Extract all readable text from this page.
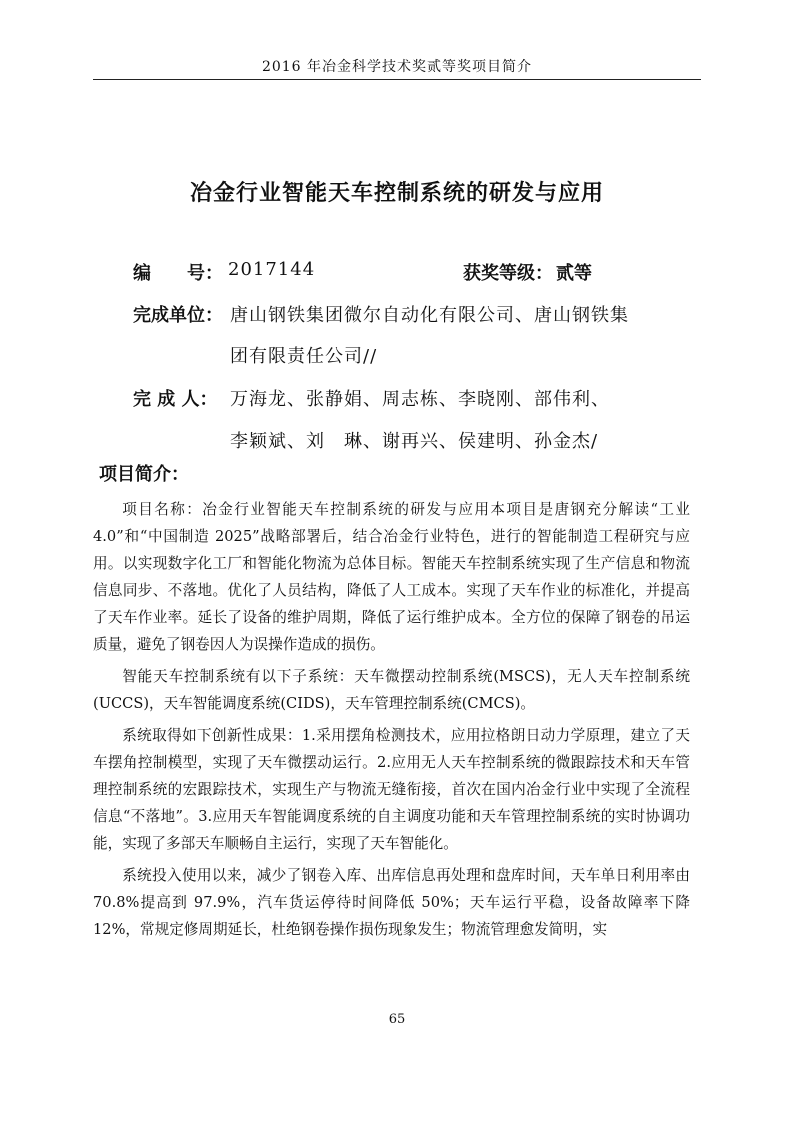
2016 年冶金科学技术奖贰等奖项目简介
冶金行业智能天车控制系统的研发与应用
编　　号： 2017144	获奖等级： 贰等
完成单位： 唐山钢铁集团微尔自动化有限公司、唐山钢铁集
团有限责任公司//
完 成 人： 万海龙、张静娟、周志栋、李晓刚、部伟利、
李颖斌、刘　琳、谢再兴、侯建明、孙金杰/
项目简介：

项目名称：冶金行业智能天车控制系统的研发与应用本项目是唐钢充分解读“工业 4.0”和“中国制造 2025”战略部署后，结合冶金行业特色，进行的智能制造工程研究与应用。以实现数字化工厂和智能化物流为总体目标。智能天车控制系统实现了生产信息和物流信息同步、不落地。优化了人员结构，降低了人工成本。实现了天车作业的标准化，并提高了天车作业率。延长了设备的维护周期，降低了运行维护成本。全方位的保障了钢卷的吊运质量，避免了钢卷因人为误操作造成的损伤。

智能天车控制系统有以下子系统：天车微摆动控制系统(MSCS)，无人天车控制系统(UCCS)，天车智能调度系统(CIDS)，天车管理控制系统(CMCS)。

系统取得如下创新性成果：1.采用摆角检测技术，应用拉格朗日动力学原理，建立了天车摆角控制模型，实现了天车微摆动运行。2.应用无人天车控制系统的微跟踪技术和天车管理控制系统的宏跟踪技术，实现生产与物流无缝衔接，首次在国内冶金行业中实现了全流程信息“不落地”。3.应用天车智能调度系统的自主调度功能和天车管理控制系统的实时协调功能，实现了多部天车顺畅自主运行，实现了天车智能化。

系统投入使用以来，减少了钢卷入库、出库信息再处理和盘库时间，天车单日利用率由 70.8%提高到 97.9%，汽车货运停待时间降低 50%；天车运行平稳，设备故障率下降 12%，常规定修周期延长，杜绝钢卷操作损伤现象发生；物流管理愈发简明，实

65
